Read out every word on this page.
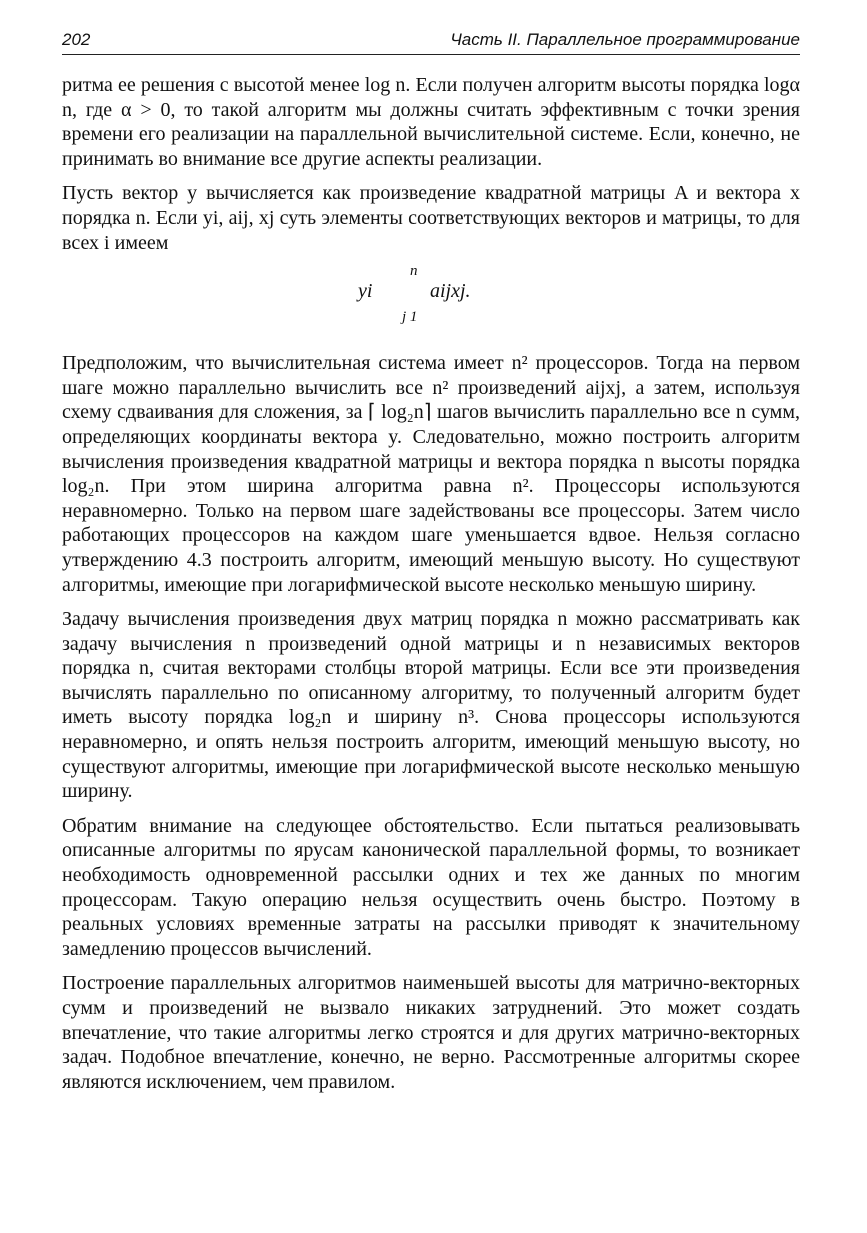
202	Часть II. Параллельное программирование

ритма ее решения с высотой менее log n. Если получен алгоритм высоты порядка logα n, где α > 0, то такой алгоритм мы должны считать эффективным с точки зрения времени его реализации на параллельной вычислительной системе. Если, конечно, не принимать во внимание все другие аспекты реализации.

Пусть вектор y вычисляется как произведение квадратной матрицы A и вектора x порядка n. Если yi, aij, xj суть элементы соответствующих векторов и матрицы, то для всех i имеем

n
yi	aijxj.
j 1

Предположим, что вычислительная система имеет n² процессоров. Тогда на первом шаге можно параллельно вычислить все n² произведений aijxj, а затем, используя схему сдваивания для сложения, за ⌈ log₂n⌉ шагов вычислить параллельно все n сумм, определяющих координаты вектора y. Следовательно, можно построить алгоритм вычисления произведения квадратной матрицы и вектора порядка n высоты порядка log₂n. При этом ширина алгоритма равна n². Процессоры используются неравномерно. Только на первом шаге задействованы все процессоры. Затем число работающих процессоров на каждом шаге уменьшается вдвое. Нельзя согласно утверждению 4.3 построить алгоритм, имеющий меньшую высоту. Но существуют алгоритмы, имеющие при логарифмической высоте несколько меньшую ширину.

Задачу вычисления произведения двух матриц порядка n можно рассматривать как задачу вычисления n произведений одной матрицы и n независимых векторов порядка n, считая векторами столбцы второй матрицы. Если все эти произведения вычислять параллельно по описанному алгоритму, то полученный алгоритм будет иметь высоту порядка log₂n и ширину n³. Снова процессоры используются неравномерно, и опять нельзя построить алгоритм, имеющий меньшую высоту, но существуют алгоритмы, имеющие при логарифмической высоте несколько меньшую ширину.

Обратим внимание на следующее обстоятельство. Если пытаться реализовывать описанные алгоритмы по ярусам канонической параллельной формы, то возникает необходимость одновременной рассылки одних и тех же данных по многим процессорам. Такую операцию нельзя осуществить очень быстро. Поэтому в реальных условиях временные затраты на рассылки приводят к значительному замедлению процессов вычислений.

Построение параллельных алгоритмов наименьшей высоты для матрично-векторных сумм и произведений не вызвало никаких затруднений. Это может создать впечатление, что такие алгоритмы легко строятся и для других матрично-векторных задач. Подобное впечатление, конечно, не верно. Рассмотренные алгоритмы скорее являются исключением, чем правилом.
